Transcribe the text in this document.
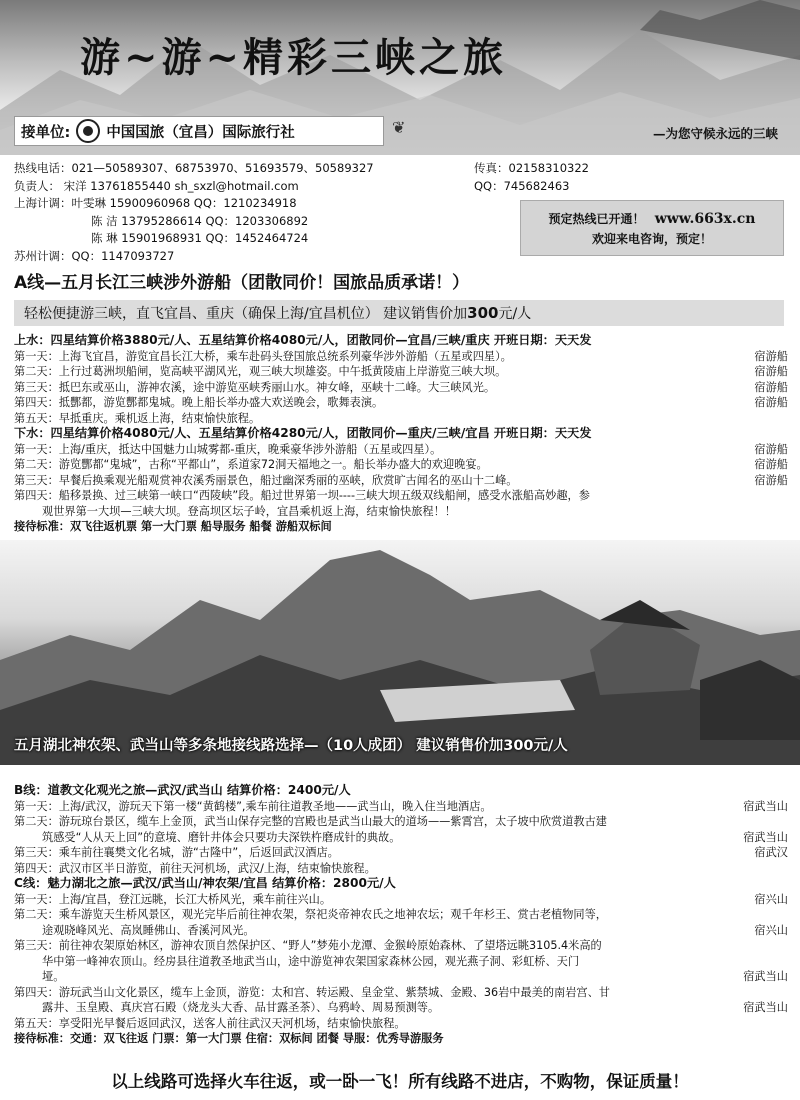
游~游~精彩三峡之旅
接单位: 中国国旅（宜昌）国际旅行社	❦	—为您守候永远的三峡
热线电话：021—50589307、68753970、51693579、50589327	传真：02158310322
负责人： 宋洋 13761855440 sh_sxzl@hotmail.com	QQ：745682463
上海计调：叶雯琳 15900960968 QQ：1210234918
陈 洁 13795286614 QQ：1203306892
陈 琳 15901968931 QQ：1452464724
苏州计调：QQ：1147093727
预定热线已开通！ www.663x.cn
欢迎来电咨询，预定！
A线—五月长江三峡涉外游船（团散同价！国旅品质承诺！）
轻松便捷游三峡，直飞宜昌、重庆（确保上海/宜昌机位） 建议销售价加300元/人
上水：四星结算价格3880元/人、五星结算价格4080元/人，团散同价—宜昌/三峡/重庆 开班日期：天天发
第一天：上海飞宜昌，游览宜昌长江大桥，乘车赴码头登国旅总统系列豪华涉外游船（五星或四星）。	宿游船
第二天：上行过葛洲坝船闸，览高峡平湖风光，观三峡大坝雄姿。中午抵黄陵庙上岸游览三峡大坝。	宿游船
第三天：抵巴东或巫山，游神农溪，途中游览巫峡秀丽山水。神女峰，巫峡十二峰。大三峡风光。	宿游船
第四天：抵酆都，游览酆都鬼城。晚上船长举办盛大欢送晚会，歌舞表演。	宿游船
第五天：早抵重庆。乘机返上海，结束愉快旅程。
下水：四星结算价格4080元/人、五星结算价格4280元/人，团散同价—重庆/三峡/宜昌 开班日期：天天发
第一天：上海/重庆，抵达中国魅力山城雾都-重庆，晚乘豪华涉外游船（五星或四星）。	宿游船
第二天：游览酆都“鬼城”，古称“平都山”，系道家72洞天福地之一。船长举办盛大的欢迎晚宴。	宿游船
第三天：早餐后换乘观光船观赏神农溪秀丽景色，船过幽深秀丽的巫峡，欣赏旷古闻名的巫山十二峰。	宿游船
第四天：船移景换、过三峡第一峡口“西陵峡”段。船过世界第一坝----三峡大坝五级双线船闸，感受水涨船高妙趣，参
观世界第一大坝—三峡大坝。登高坝区坛子岭，宜昌乘机返上海，结束愉快旅程！！
接待标准：双飞往返机票 第一大门票 船导服务 船餐 游船双标间
五月湖北神农架、武当山等多条地接线路选择—（10人成团） 建议销售价加300元/人
B线：道教文化观光之旅—武汉/武当山 结算价格：2400元/人
第一天：上海/武汉，游玩天下第一楼“黄鹤楼”,乘车前往道教圣地——武当山，晚入住当地酒店。	宿武当山
第二天：游玩琼台景区，缆车上金顶，武当山保存完整的宫殿也是武当山最大的道场——紫霄宫，太子坡中欣赏道教古建
筑感受“人从天上回”的意境、磨针井体会只要功夫深铁杵磨成针的典故。	宿武当山
第三天：乘车前往襄樊文化名城，游“古隆中”，后返回武汉酒店。	宿武汉
第四天：武汉市区半日游览，前往天河机场，武汉/上海，结束愉快旅程。
C线：魅力湖北之旅—武汉/武当山/神农架/宜昌 结算价格：2800元/人
第一天：上海/宜昌，登江远眺，长江大桥风光，乘车前往兴山。	宿兴山
第二天：乘车游览天生桥风景区，观光完毕后前往神农架，祭祀炎帝神农氏之地神农坛；观千年杉王、赏古老植物同等，
途观晓峰风光、高岚睡佛山、香溪河风光。	宿兴山
第三天：前往神农架原始林区，游神农顶自然保护区、“野人”梦苑小龙潭、金猴岭原始森林、了望塔远眺3105.4米高的
华中第一峰神农顶山。经房县往道教圣地武当山，途中游览神农架国家森林公园，观光燕子洞、彩虹桥、天门
垭。	宿武当山
第四天：游玩武当山文化景区，缆车上金顶，游览：太和宫、转运殿、皇金堂、紫禁城、金殿、36岩中最美的南岩宫、甘
露井、玉皇殿、真庆宫石殿（烧龙头大香、品甘露圣茶）、乌鸦岭、周易预测等。	宿武当山
第五天：享受阳光早餐后返回武汉，送客人前往武汉天河机场，结束愉快旅程。
接待标准：交通：双飞往返 门票：第一大门票 住宿：双标间 团餐 导服：优秀导游服务
以上线路可选择火车往返，或一卧一飞！所有线路不进店，不购物，保证质量！
